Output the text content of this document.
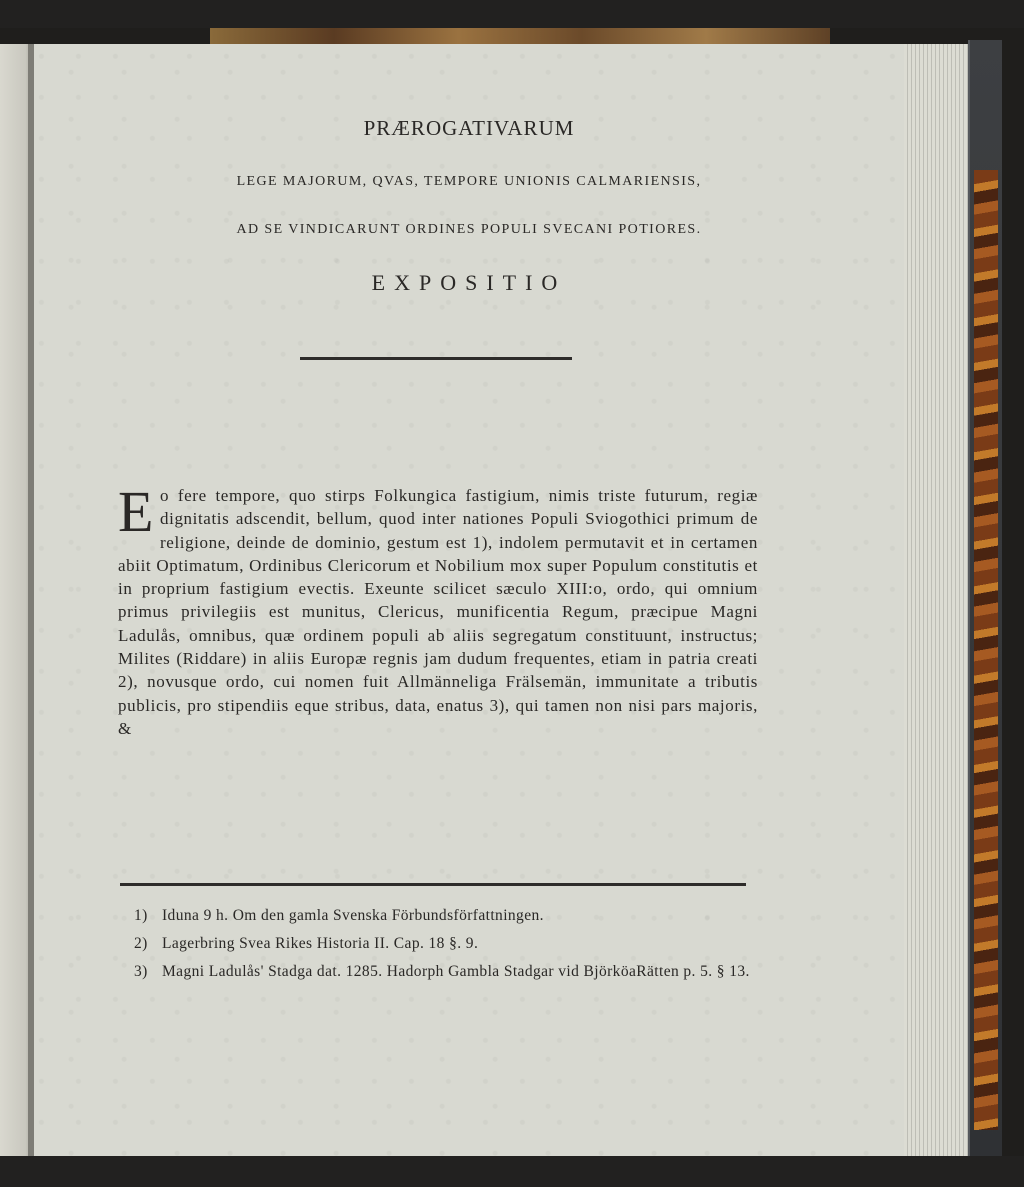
PRÆROGATIVARUM
LEGE MAJORUM, QVAS, TEMPORE UNIONIS CALMARIENSIS,
AD SE VINDICARUNT ORDINES POPULI SVECANI POTIORES.
EXPOSITIO
E o fere tempore, quo stirps Folkungica fastigium, nimis triste futurum, regiæ dignitatis adscendit, bellum, quod inter nationes Populi Sviogothici primum de religione, deinde de dominio, gestum est 1), indolem permutavit et in certamen abiit Optimatum, Ordinibus Clericorum et Nobilium mox super Populum constitutis et in proprium fastigium evectis. Exeunte scilicet sæculo XIII:o, ordo, qui omnium primus privilegiis est munitus, Clericus, munificentia Regum, præcipue Magni Ladulås, omnibus, quæ ordinem populi ab aliis segregatum constituunt, instructus; Milites (Riddare) in aliis Europæ regnis jam dudum frequentes, etiam in patria creati 2), novusque ordo, cui nomen fuit Allmänneliga Frälsemän, immunitate a tributis publicis, pro stipendiis eque stribus, data, enatus 3), qui tamen non nisi pars majoris, &
1) Iduna 9 h. Om den gamla Svenska Förbundsförfattningen.
2) Lagerbring Svea Rikes Historia II. Cap. 18 §. 9.
3) Magni Ladulås' Stadga dat. 1285. Hadorph Gambla Stadgar vid BjörköaRätten p. 5. § 13.
